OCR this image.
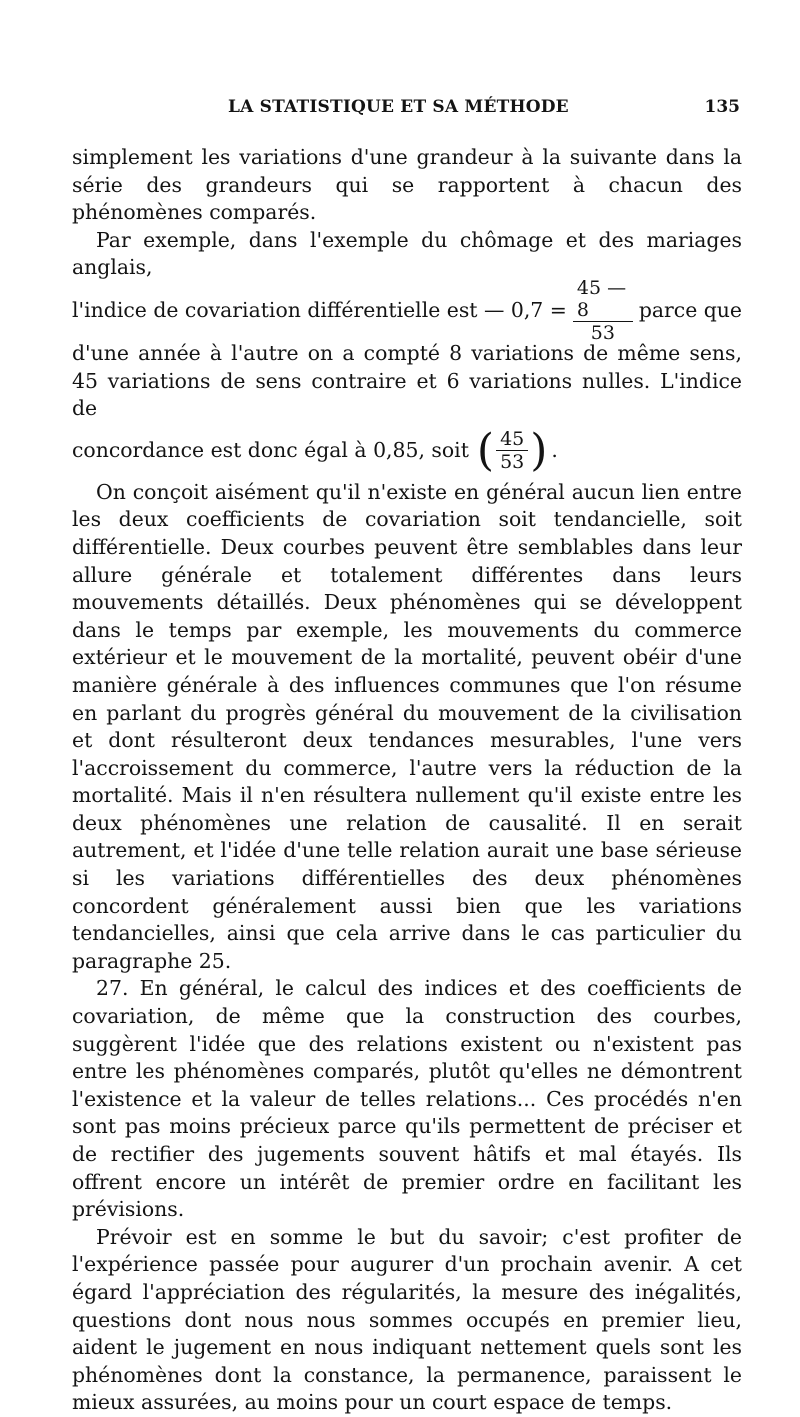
LA STATISTIQUE ET SA MÉTHODE	135

simplement les variations d'une grandeur à la suivante dans la série des grandeurs qui se rapportent à chacun des phénomènes comparés.

Par exemple, dans l'exemple du chômage et des mariages anglais,

l'indice de covariation différentielle est — $0,7 = \frac{45 — 8}{53}$ parce que

d'une année à l'autre on a compté 8 variations de même sens, 45 variations de sens contraire et 6 variations nulles. L'indice de

concordance est donc égal à 0,85, soit ( $\frac{45}{53}$ ) .

On conçoit aisément qu'il n'existe en général aucun lien entre les deux coefficients de covariation soit tendancielle, soit différentielle. Deux courbes peuvent être semblables dans leur allure générale et totalement différentes dans leurs mouvements détaillés. Deux phénomènes qui se développent dans le temps par exemple, les mouvements du commerce extérieur et le mouvement de la mortalité, peuvent obéir d'une manière générale à des influences communes que l'on résume en parlant du progrès général du mouvement de la civilisation et dont résulteront deux tendances mesurables, l'une vers l'accroissement du commerce, l'autre vers la réduction de la mortalité. Mais il n'en résultera nullement qu'il existe entre les deux phénomènes une relation de causalité. Il en serait autrement, et l'idée d'une telle relation aurait une base sérieuse si les variations différentielles des deux phénomènes concordent généralement aussi bien que les variations tendancielles, ainsi que cela arrive dans le cas particulier du paragraphe 25.

27. En général, le calcul des indices et des coefficients de covariation, de même que la construction des courbes, suggèrent l'idée que des relations existent ou n'existent pas entre les phénomènes comparés, plutôt qu'elles ne démontrent l'existence et la valeur de telles relations... Ces procédés n'en sont pas moins précieux parce qu'ils permettent de préciser et de rectifier des jugements souvent hâtifs et mal étayés. Ils offrent encore un intérêt de premier ordre en facilitant les prévisions.

Prévoir est en somme le but du savoir; c'est profiter de l'expérience passée pour augurer d'un prochain avenir. A cet égard l'appréciation des régularités, la mesure des inégalités, questions dont nous nous sommes occupés en premier lieu, aident le jugement en nous indiquant nettement quels sont les phénomènes dont la constance, la permanence, paraissent le mieux assurées, au moins pour un court espace de temps.
